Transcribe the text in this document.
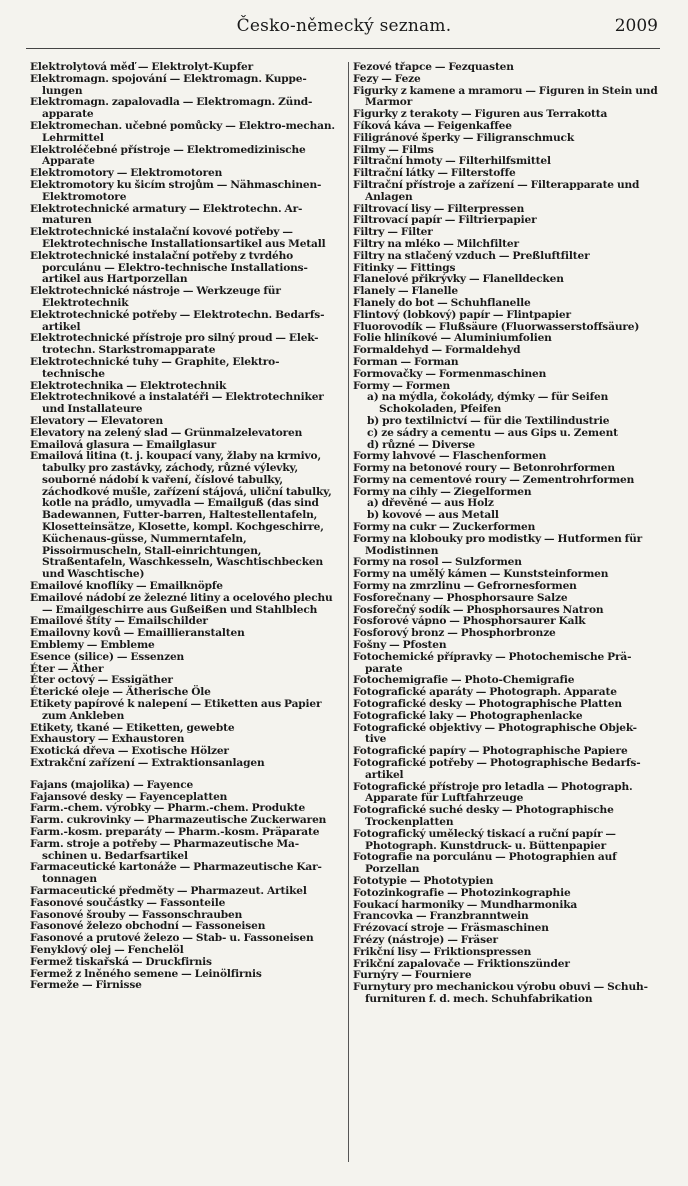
Česko-německý seznam.	2009

Elektrolytová měď — Elektrolyt-Kupfer

Elektromagn. spojování — Elektromagn. Kuppe-lungen

Elektromagn. zapalovadla — Elektromagn. Zünd-apparate

Elektromechan. učebné pomůcky — Elektro-mechan. Lehrmittel

Elektroléčebné přístroje — Elektromedizinische Apparate

Elektromotory — Elektromotoren

Elektromotory ku šicím strojům — Nähmaschinen-Elektromotore

Elektrotechnické armatury — Elektrotechn. Ar-maturen

Elektrotechnické instalační kovové potřeby — Elektrotechnische Installationsartikel aus Metall

Elektrotechnické instalační potřeby z tvrdého porculánu — Elektro-technische Installations-artikel aus Hartporzellan

Elektrotechnické nástroje — Werkzeuge für Elektrotechnik

Elektrotechnické potřeby — Elektrotechn. Bedarfs-artikel

Elektrotechnické přístroje pro silný proud — Elek-trotechn. Starkstromapparate

Elektrotechnické tuhy — Graphite, Elektro-technische

Elektrotechnika — Elektrotechnik

Elektrotechnikové a instalatéři — Elektrotechniker und Installateure

Elevatory — Elevatoren

Elevatory na zelený slad — Grünmalzelevatoren

Emailová glasura — Emailglasur

Emailová litina (t. j. koupací vany, žlaby na krmivo, tabulky pro zastávky, záchody, různé výlevky, souborné nádobí k vaření, číslové tabulky, záchodkové mušle, zařízení stájová, uliční tabulky, kotle na prádlo, umyvadla — Emailguß (das sind Badewannen, Futter-barren, Haltestellentafeln, Klosetteinsätze, Klosette, kompl. Kochgeschirre, Küchenaus-güsse, Nummerntafeln, Pissoirmuscheln, Stall-einrichtungen, Straßentafeln, Waschkesseln, Waschtischbecken und Waschtische)

Emailové knoflíky — Emailknöpfe

Emailové nádobí ze železné litiny a ocelového plechu — Emailgeschirre aus Gußeißen und Stahlblech

Emailové štíty — Emailschilder

Emailovny kovů — Emaillieranstalten

Emblemy — Embleme

Esence (silice) — Essenzen

Éter — Äther

Éter octový — Essigäther

Éterické oleje — Ätherische Öle

Etikety papírové k nalepení — Etiketten aus Papier zum Ankleben

Etikety, tkané — Etiketten, gewebte

Exhaustory — Exhaustoren

Exotická dřeva — Exotische Hölzer

Extrakční zařízení — Extraktionsanlagen

Fajans (majolika) — Fayence

Fajansové desky — Fayenceplatten

Farm.-chem. výrobky — Pharm.-chem. Produkte

Farm. cukrovinky — Pharmazeutische Zuckerwaren

Farm.-kosm. preparáty — Pharm.-kosm. Präparate

Farm. stroje a potřeby — Pharmazeutische Ma-schinen u. Bedarfsartikel

Farmaceutické kartonáže — Pharmazeutische Kar-tonnagen

Farmaceutické předměty — Pharmazeut. Artikel

Fasonové součástky — Fassonteile

Fasonové šrouby — Fassonschrauben

Fasonové železo obchodní — Fassoneisen

Fasonové a prutové železo — Stab- u. Fassoneisen

Fenyklový olej — Fenchelöl

Fermež tiskařská — Druckfirnis

Fermež z lněného semene — Leinölfirnis

Fermeže — Firnisse

Fezové třapce — Fezquasten

Fezy — Feze

Figurky z kamene a mramoru — Figuren in Stein und Marmor

Figurky z terakoty — Figuren aus Terrakotta

Fíková káva — Feigenkaffee

Filigránové šperky — Filigranschmuck

Filmy — Films

Filtrační hmoty — Filterhilfsmittel

Filtrační látky — Filterstoffe

Filtrační přístroje a zařízení — Filterapparate und Anlagen

Filtrovací lisy — Filterpressen

Filtrovací papír — Filtrierpapier

Filtry — Filter

Filtry na mléko — Milchfilter

Filtry na stlačený vzduch — Preßluftfilter

Fitinky — Fittings

Flanelové přikrývky — Flanelldecken

Flanely — Flanelle

Flanely do bot — Schuhflanelle

Flintový (lobkový) papír — Flintpapier

Fluorovodík — Flußsäure (Fluorwasserstoffsäure)

Folie hliníkové — Aluminiumfolien

Formaldehyd — Formaldehyd

Forman — Forman

Formovačky — Formenmaschinen

Formy — Formen

a) na mýdla, čokolády, dýmky — für Seifen Schokoladen, Pfeifen

b) pro textilnictví — für die Textilindustrie

c) ze sádry a cementu — aus Gips u. Zement

d) různé — Diverse

Formy lahvové — Flaschenformen

Formy na betonové roury — Betonrohrformen

Formy na cementové roury — Zementrohrformen

Formy na cihly — Ziegelformen

a) dřevěné — aus Holz

b) kovové — aus Metall

Formy na cukr — Zuckerformen

Formy na klobouky pro modistky — Hutformen für Modistinnen

Formy na rosol — Sulzformen

Formy na umělý kámen — Kunststeinformen

Formy na zmrzlinu — Gefrornesformen

Fosforečnany — Phosphorsaure Salze

Fosforečný sodík — Phosphorsaures Natron

Fosforové vápno — Phosphorsaurer Kalk

Fosforový bronz — Phosphorbronze

Fošny — Pfosten

Fotochemické přípravky — Photochemische Prä-parate

Fotochemigrafie — Photo-Chemigrafie

Fotografické aparáty — Photograph. Apparate

Fotografické desky — Photographische Platten

Fotografické laky — Photographenlacke

Fotografické objektivy — Photographische Objek-tive

Fotografické papíry — Photographische Papiere

Fotografické potřeby — Photographische Bedarfs-artikel

Fotografické přístroje pro letadla — Photograph. Apparate für Luftfahrzeuge

Fotografické suché desky — Photographische Trockenplatten

Fotografický umělecký tiskací a ruční papír — Photograph. Kunstdruck- u. Büttenpapier

Fotografie na porculánu — Photographien auf Porzellan

Fototypie — Phototypien

Fotozinkografie — Photozinkographie

Foukací harmoniky — Mundharmonika

Francovka — Franzbranntwein

Frézovací stroje — Fräsmaschinen

Frézy (nástroje) — Fräser

Frikční lisy — Friktionspressen

Frikční zapalovače — Friktionszünder

Furnýry — Fourniere

Furnytury pro mechanickou výrobu obuvi — Schuh-furnituren f. d. mech. Schuhfabrikation
